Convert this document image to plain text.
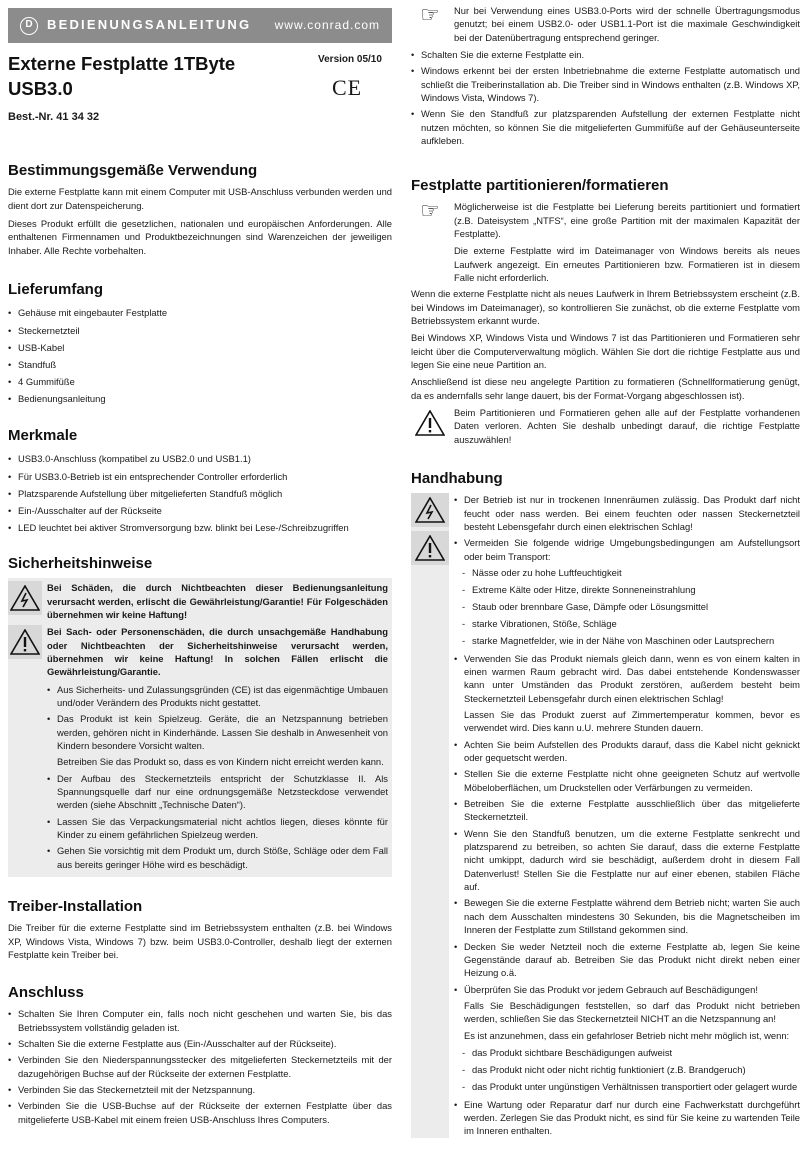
D	BEDIENUNGSANLEITUNG	www.conrad.com
Version 05/10
CE
Externe Festplatte 1TByte
USB3.0
Best.-Nr. 41 34 32
Bestimmungsgemäße Verwendung

Die externe Festplatte kann mit einem Computer mit USB-Anschluss verbunden werden und dient dort zur Datenspeicherung.

Dieses Produkt erfüllt die gesetzlichen, nationalen und europäischen Anforderungen. Alle enthaltenen Firmennamen und Produktbezeichnungen sind Warenzeichen der jeweiligen Inhaber. Alle Rechte vorbehalten.

Lieferumfang
• Gehäuse mit eingebauter Festplatte
• Steckernetzteil
• USB-Kabel
• Standfuß
• 4 Gummifüße
• Bedienungsanleitung
Merkmale
• USB3.0-Anschluss (kompatibel zu USB2.0 und USB1.1)
• Für USB3.0-Betrieb ist ein entsprechender Controller erforderlich
• Platzsparende Aufstellung über mitgelieferten Standfuß möglich
• Ein-/Ausschalter auf der Rückseite
• LED leuchtet bei aktiver Stromversorgung bzw. blinkt bei Lese-/Schreibzugriffen
Sicherheitshinweise

Bei Schäden, die durch Nichtbeachten dieser Bedienungsanleitung verursacht werden, erlischt die Gewährleistung/Garantie! Für Folgeschäden übernehmen wir keine Haftung!

Bei Sach- oder Personenschäden, die durch unsachgemäße Handhabung oder Nichtbeachten der Sicherheitshinweise verursacht werden, übernehmen wir keine Haftung! In solchen Fällen erlischt die Gewährleistung/Garantie.

• Aus Sicherheits- und Zulassungsgründen (CE) ist das eigenmächtige Umbauen und/oder Verändern des Produkts nicht gestattet.
• Das Produkt ist kein Spielzeug. Geräte, die an Netzspannung betrieben werden, gehören nicht in Kinderhände. Lassen Sie deshalb in Anwesenheit von Kindern besondere Vorsicht walten.

Betreiben Sie das Produkt so, dass es von Kindern nicht erreicht werden kann.

• Der Aufbau des Steckernetzteils entspricht der Schutzklasse II. Als Spannungsquelle darf nur eine ordnungsgemäße Netzsteckdose verwendet werden (siehe Abschnitt „Technische Daten“).
• Lassen Sie das Verpackungsmaterial nicht achtlos liegen, dieses könnte für Kinder zu einem gefährlichen Spielzeug werden.
• Gehen Sie vorsichtig mit dem Produkt um, durch Stöße, Schläge oder dem Fall aus bereits geringer Höhe wird es beschädigt.
Treiber-Installation

Die Treiber für die externe Festplatte sind im Betriebssystem enthalten (z.B. bei Windows XP, Windows Vista, Windows 7) bzw. beim USB3.0-Controller, deshalb liegt der externen Festplatte kein Treiber bei.

Anschluss
• Schalten Sie Ihren Computer ein, falls noch nicht geschehen und warten Sie, bis das Betriebssystem vollständig geladen ist.
• Schalten Sie die externe Festplatte aus (Ein-/Ausschalter auf der Rückseite).
• Verbinden Sie den Niederspannungsstecker des mitgelieferten Steckernetzteils mit der dazugehörigen Buchse auf der Rückseite der externen Festplatte.
• Verbinden Sie das Steckernetzteil mit der Netzspannung.
• Verbinden Sie die USB-Buchse auf der Rückseite der externen Festplatte über das mitgelieferte USB-Kabel mit einem freien USB-Anschluss Ihres Computers.
☞	Nur bei Verwendung eines USB3.0-Ports wird der schnelle Übertragungsmodus genutzt; bei einem USB2.0- oder USB1.1-Port ist die maximale Geschwindigkeit bei der Datenübertragung entsprechend geringer.

• Schalten Sie die externe Festplatte ein.
• Windows erkennt bei der ersten Inbetriebnahme die externe Festplatte automatisch und schließt die Treiberinstallation ab. Die Treiber sind in Windows enthalten (z.B. Windows XP, Windows Vista, Windows 7).
• Wenn Sie den Standfuß zur platzsparenden Aufstellung der externen Festplatte nicht nutzen möchten, so können Sie die mitgelieferten Gummifüße auf der Gehäuseunterseite aufkleben.
Festplatte partitionieren/formatieren
☞	Möglicherweise ist die Festplatte bei Lieferung bereits partitioniert und formatiert (z.B. Dateisystem „NTFS“, eine große Partition mit der maximalen Kapazität der Festplatte).

Die externe Festplatte wird im Dateimanager von Windows bereits als neues Laufwerk angezeigt. Ein erneutes Partitionieren bzw. Formatieren ist in diesem Falle nicht erforderlich.

Wenn die externe Festplatte nicht als neues Laufwerk in Ihrem Betriebssystem erscheint (z.B. bei Windows im Dateimanager), so kontrollieren Sie zunächst, ob die externe Festplatte vom Betriebssystem erkannt wurde.

Bei Windows XP, Windows Vista und Windows 7 ist das Partitionieren und Formatieren sehr leicht über die Computerverwaltung möglich. Wählen Sie dort die richtige Festplatte aus und legen Sie eine neue Partition an.

Anschließend ist diese neu angelegte Partition zu formatieren (Schnellformatierung genügt, da es andernfalls sehr lange dauert, bis der Format-Vorgang abgeschlossen ist).

Beim Partitionieren und Formatieren gehen alle auf der Festplatte vorhandenen Daten verloren. Achten Sie deshalb unbedingt darauf, die richtige Festplatte auszuwählen!

Handhabung
• Der Betrieb ist nur in trockenen Innenräumen zulässig. Das Produkt darf nicht feucht oder nass werden. Bei einem feuchten oder nassen Steckernetzteil besteht Lebensgefahr durch einen elektrischen Schlag!
• Vermeiden Sie folgende widrige Umgebungsbedingungen am Aufstellungsort oder beim Transport:
- Nässe oder zu hohe Luftfeuchtigkeit
- Extreme Kälte oder Hitze, direkte Sonneneinstrahlung
- Staub oder brennbare Gase, Dämpfe oder Lösungsmittel
- starke Vibrationen, Stöße, Schläge
- starke Magnetfelder, wie in der Nähe von Maschinen oder Lautsprechern
• Verwenden Sie das Produkt niemals gleich dann, wenn es von einem kalten in einen warmen Raum gebracht wird. Das dabei entstehende Kondenswasser kann unter Umständen das Produkt zerstören, außerdem besteht beim Steckernetzteil Lebensgefahr durch einen elektrischen Schlag!

Lassen Sie das Produkt zuerst auf Zimmertemperatur kommen, bevor es verwendet wird. Dies kann u.U. mehrere Stunden dauern.

• Achten Sie beim Aufstellen des Produkts darauf, dass die Kabel nicht geknickt oder gequetscht werden.
• Stellen Sie die externe Festplatte nicht ohne geeigneten Schutz auf wertvolle Möbeloberflächen, um Druckstellen oder Verfärbungen zu vermeiden.
• Betreiben Sie die externe Festplatte ausschließlich über das mitgelieferte Steckernetzteil.
• Wenn Sie den Standfuß benutzen, um die externe Festplatte senkrecht und platzsparend zu betreiben, so achten Sie darauf, dass die externe Festplatte nicht umkippt, dadurch wird sie beschädigt, außerdem droht in diesem Fall Datenverlust! Stellen Sie die Festplatte nur auf einer ebenen, stabilen Fläche auf.
• Bewegen Sie die externe Festplatte während dem Betrieb nicht; warten Sie auch nach dem Ausschalten mindestens 30 Sekunden, bis die Magnetscheiben im Inneren der Festplatte zum Stillstand gekommen sind.
• Decken Sie weder Netzteil noch die externe Festplatte ab, legen Sie keine Gegenstände darauf ab. Betreiben Sie das Produkt nicht direkt neben einer Heizung o.ä.
• Überprüfen Sie das Produkt vor jedem Gebrauch auf Beschädigungen!

Falls Sie Beschädigungen feststellen, so darf das Produkt nicht betrieben werden, schließen Sie das Steckernetzteil NICHT an die Netzspannung an!

Es ist anzunehmen, dass ein gefahrloser Betrieb nicht mehr möglich ist, wenn:

- das Produkt sichtbare Beschädigungen aufweist
- das Produkt nicht oder nicht richtig funktioniert (z.B. Brandgeruch)
- das Produkt unter ungünstigen Verhältnissen transportiert oder gelagert wurde
• Eine Wartung oder Reparatur darf nur durch eine Fachwerkstatt durchgeführt werden. Zerlegen Sie das Produkt nicht, es sind für Sie keine zu wartenden Teile im Inneren enthalten.
